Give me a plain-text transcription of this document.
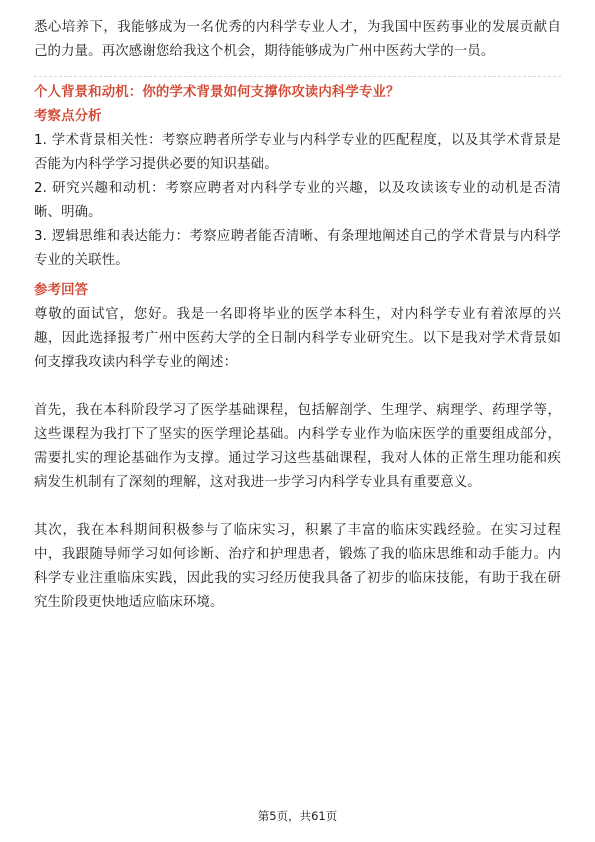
悉心培养下，我能够成为一名优秀的内科学专业人才，为我国中医药事业的发展贡献自己的力量。再次感谢您给我这个机会，期待能够成为广州中医药大学的一员。

个人背景和动机：你的学术背景如何支撑你攻读内科学专业？

考察点分析

1. 学术背景相关性：考察应聘者所学专业与内科学专业的匹配程度，以及其学术背景是否能为内科学学习提供必要的知识基础。

2. 研究兴趣和动机：考察应聘者对内科学专业的兴趣，以及攻读该专业的动机是否清晰、明确。

3. 逻辑思维和表达能力：考察应聘者能否清晰、有条理地阐述自己的学术背景与内科学专业的关联性。

参考回答

尊敬的面试官，您好。我是一名即将毕业的医学本科生，对内科学专业有着浓厚的兴趣，因此选择报考广州中医药大学的全日制内科学专业研究生。以下是我对学术背景如何支撑我攻读内科学专业的阐述：

首先，我在本科阶段学习了医学基础课程，包括解剖学、生理学、病理学、药理学等，这些课程为我打下了坚实的医学理论基础。内科学专业作为临床医学的重要组成部分，需要扎实的理论基础作为支撑。通过学习这些基础课程，我对人体的正常生理功能和疾病发生机制有了深刻的理解，这对我进一步学习内科学专业具有重要意义。

其次，我在本科期间积极参与了临床实习，积累了丰富的临床实践经验。在实习过程中，我跟随导师学习如何诊断、治疗和护理患者，锻炼了我的临床思维和动手能力。内科学专业注重临床实践，因此我的实习经历使我具备了初步的临床技能，有助于我在研究生阶段更快地适应临床环境。

第5页，共61页
